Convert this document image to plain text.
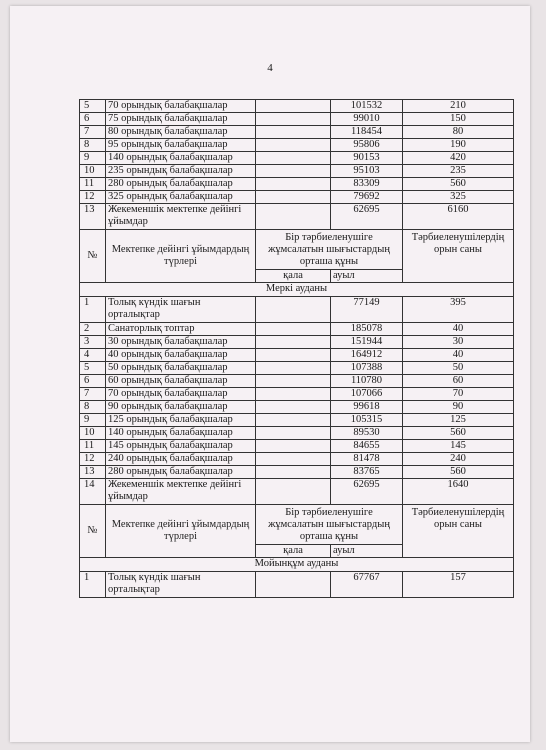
4
5	70 орындық балабақшалар		101532	210
6	75 орындық балабақшалар		99010	150
7	80 орындық балабақшалар		118454	80
8	95 орындық балабақшалар		95806	190
9	140 орындық балабақшалар		90153	420
10	235 орындық балабақшалар		95103	235
11	280 орындық балабақшалар		83309	560
12	325 орындық балабақшалар		79692	325
13	Жекеменшік мектепке дейінгі ұйымдар		62695	6160
№	Мектепке дейінгі ұйымдардың түрлері	Бір тәрбиеленушіге жұмсалатын шығыстардың орташа құны		Тәрбиеленушілердің орын саны
		қала	ауыл	
Меркі ауданы				
1	Толық күндік шағын орталықтар		77149	395
2	Санаторлық топтар		185078	40
3	30 орындық балабақшалар		151944	30
4	40 орындық балабақшалар		164912	40
5	50 орындық балабақшалар		107388	50
6	60 орындық балабақшалар		110780	60
7	70 орындық балабақшалар		107066	70
8	90 орындық балабақшалар		99618	90
9	125 орындық балабақшалар		105315	125
10	140 орындық балабақшалар		89530	560
11	145 орындық балабақшалар		84655	145
12	240 орындық балабақшалар		81478	240
13	280 орындық балабақшалар		83765	560
14	Жекеменшік мектепке дейінгі ұйымдар		62695	1640
№	Мектепке дейінгі ұйымдардың түрлері	Бір тәрбиеленушіге жұмсалатын шығыстардың орташа құны		Тәрбиеленушілердің орын саны
		қала	ауыл	
Мойынқұм ауданы				
1	Толық күндік шағын орталықтар		67767	157
